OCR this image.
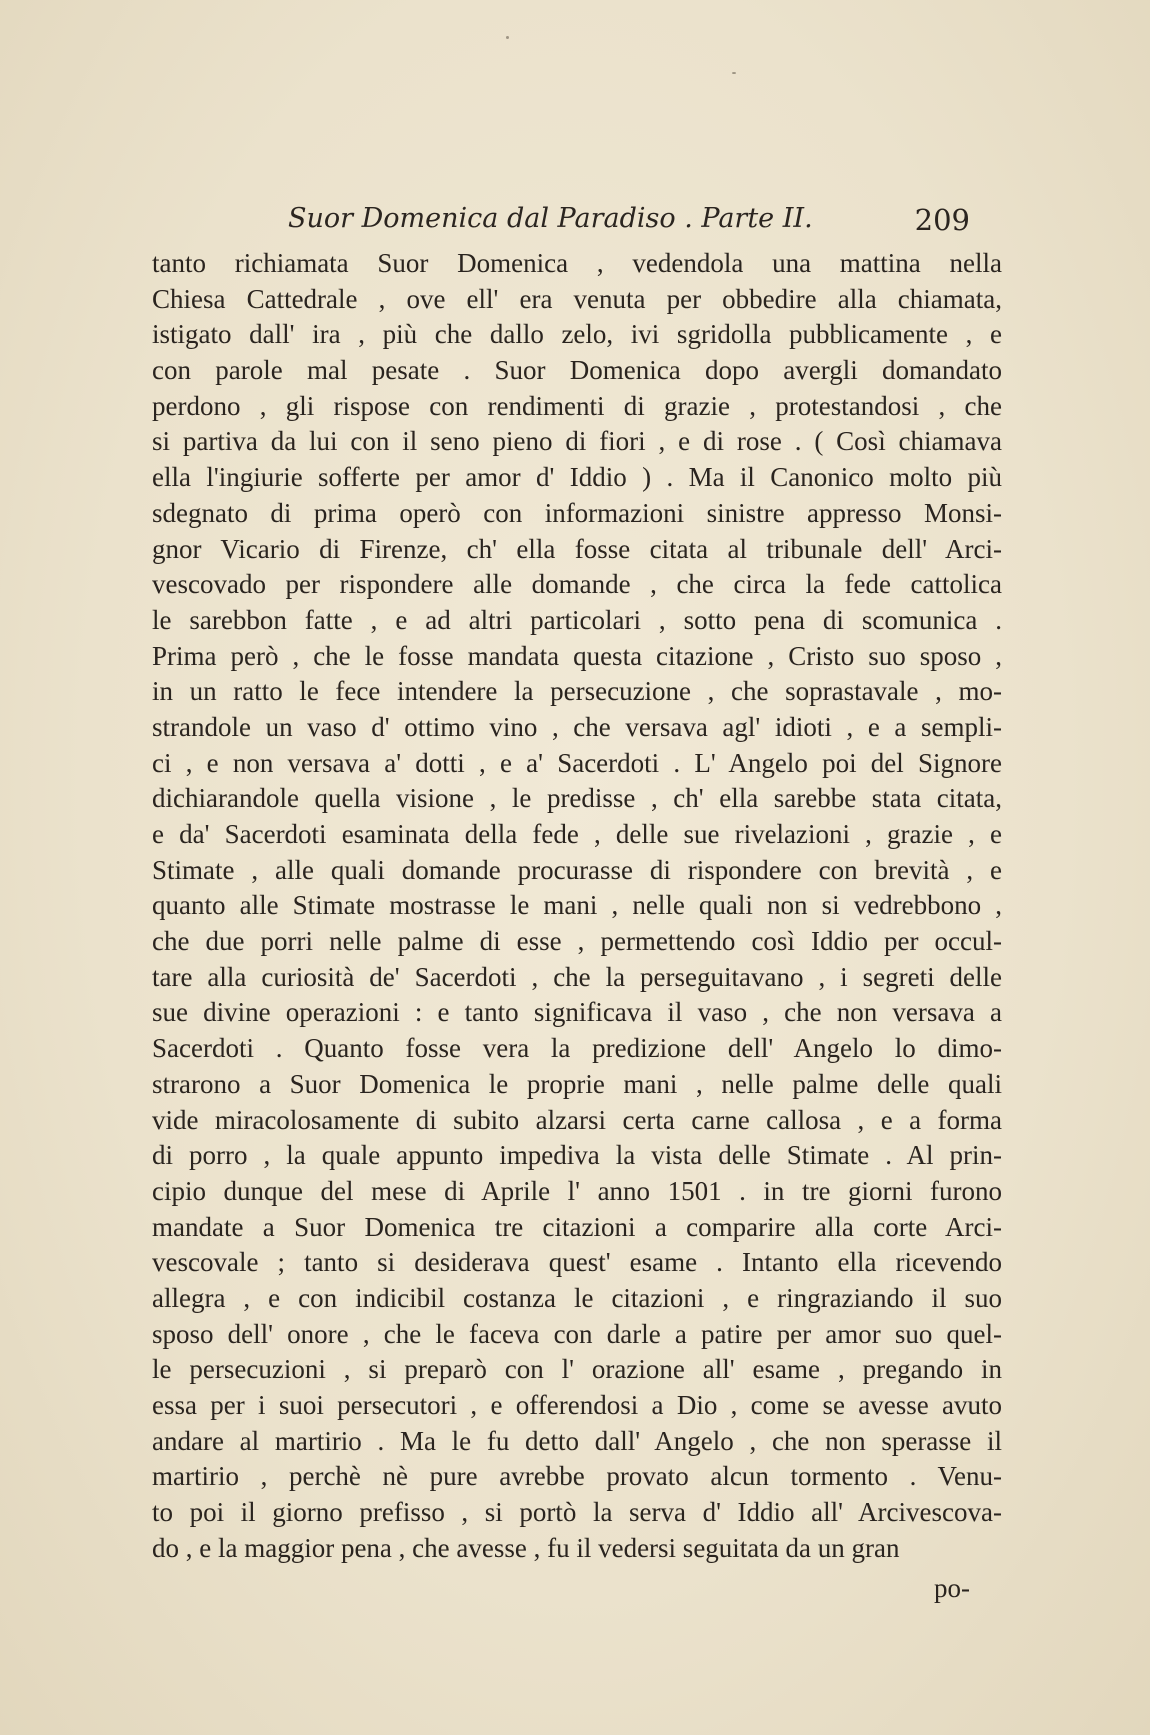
Suor Domenica dal Paradiso . Parte II.	209
tanto richiamata Suor Domenica , vedendola una mattina nella
Chiesa Cattedrale , ove ell' era venuta per obbedire alla chiamata,
istigato dall' ira , più che dallo zelo, ivi sgridolla pubblicamente , e
con parole mal pesate . Suor Domenica dopo avergli domandato
perdono , gli rispose con rendimenti di grazie , protestandosi , che
si partiva da lui con il seno pieno di fiori , e di rose . ( Così chiamava
ella l'ingiurie sofferte per amor d' Iddio ) . Ma il Canonico molto più
sdegnato di prima operò con informazioni sinistre appresso Monsi-
gnor Vicario di Firenze, ch' ella fosse citata al tribunale dell' Arci-
vescovado per rispondere alle domande , che circa la fede cattolica
le sarebbon fatte , e ad altri particolari , sotto pena di scomunica .
Prima però , che le fosse mandata questa citazione , Cristo suo sposo ,
in un ratto le fece intendere la persecuzione , che soprastavale , mo-
strandole un vaso d' ottimo vino , che versava agl' idioti , e a sempli-
ci , e non versava a' dotti , e a' Sacerdoti . L' Angelo poi del Signore
dichiarandole quella visione , le predisse , ch' ella sarebbe stata citata,
e da' Sacerdoti esaminata della fede , delle sue rivelazioni , grazie , e
Stimate , alle quali domande procurasse di rispondere con brevità , e
quanto alle Stimate mostrasse le mani , nelle quali non si vedrebbono ,
che due porri nelle palme di esse , permettendo così Iddio per occul-
tare alla curiosità de' Sacerdoti , che la perseguitavano , i segreti delle
sue divine operazioni : e tanto significava il vaso , che non versava a
Sacerdoti . Quanto fosse vera la predizione dell' Angelo lo dimo-
strarono a Suor Domenica le proprie mani , nelle palme delle quali
vide miracolosamente di subito alzarsi certa carne callosa , e a forma
di porro , la quale appunto impediva la vista delle Stimate . Al prin-
cipio dunque del mese di Aprile l' anno 1501 . in tre giorni furono
mandate a Suor Domenica tre citazioni a comparire alla corte Arci-
vescovale ; tanto si desiderava quest' esame . Intanto ella ricevendo
allegra , e con indicibil costanza le citazioni , e ringraziando il suo
sposo dell' onore , che le faceva con darle a patire per amor suo quel-
le persecuzioni , si preparò con l' orazione all' esame , pregando in
essa per i suoi persecutori , e offerendosi a Dio , come se avesse avuto
andare al martirio . Ma le fu detto dall' Angelo , che non sperasse il
martirio , perchè nè pure avrebbe provato alcun tormento . Venu-
to poi il giorno prefisso , si portò la serva d' Iddio all' Arcivescova-
do , e la maggior pena , che avesse , fu il vedersi seguitata da un gran
po-
